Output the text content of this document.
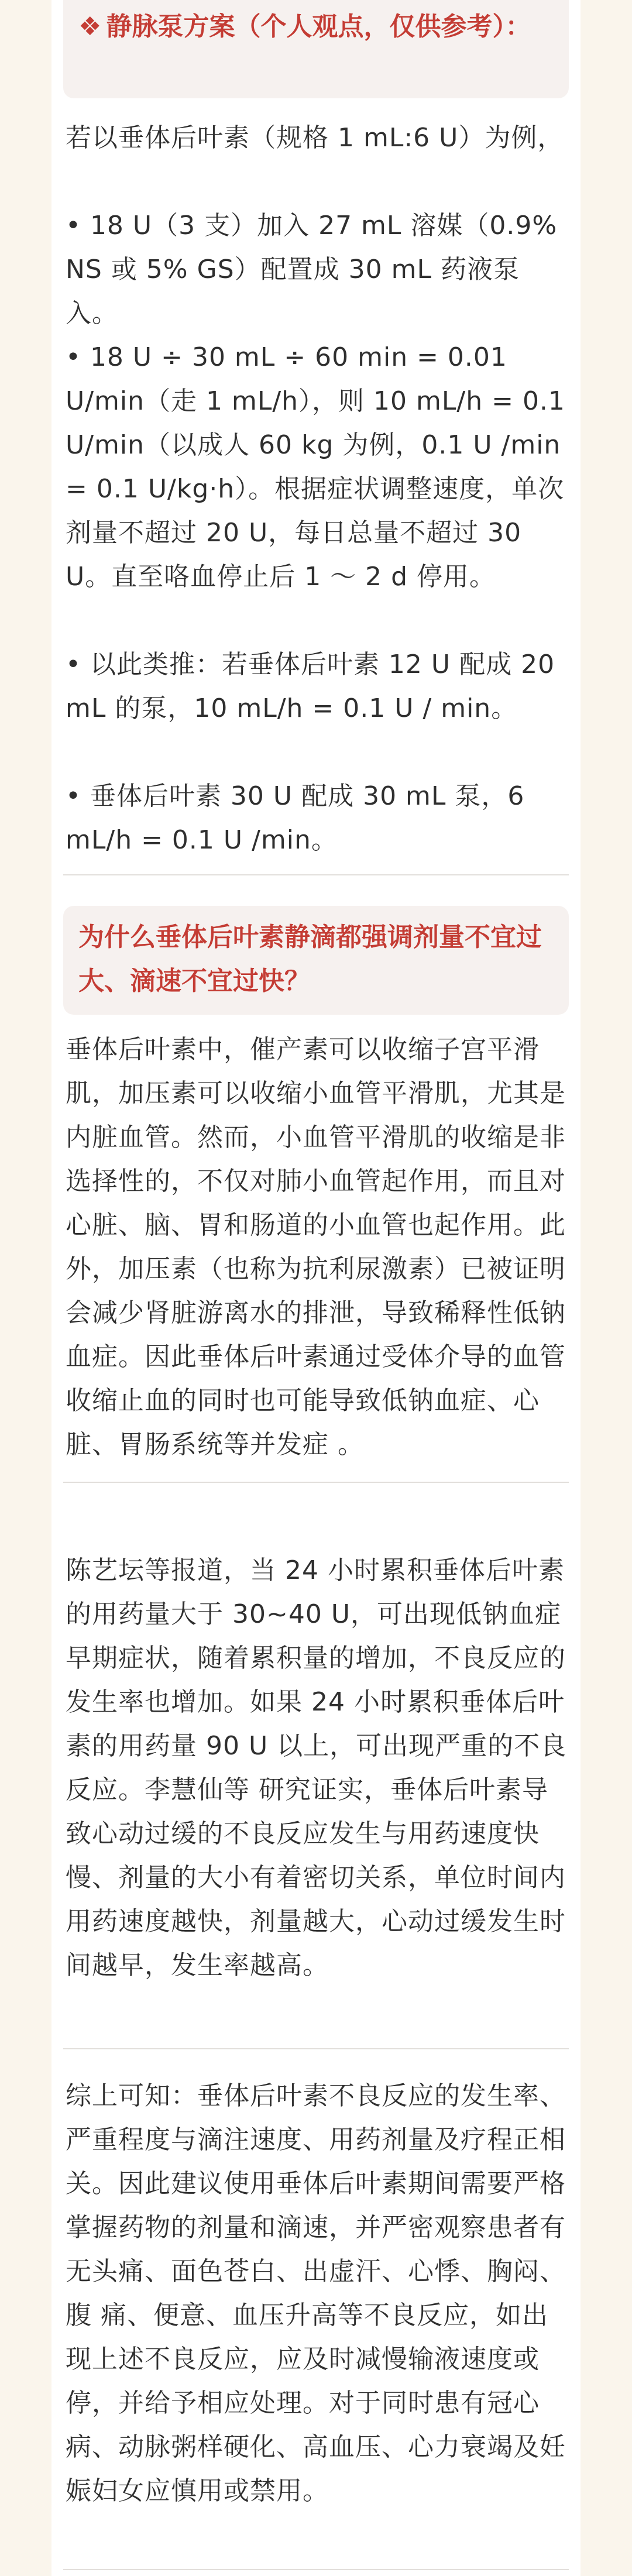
❖ 静脉泵方案（个人观点，仅供参考）：
若以垂体后叶素（规格 1 mL:6 U）为例，
• 18 U（3 支）加入 27 mL 溶媒（0.9% NS 或 5% GS）配置成 30 mL 药液泵入。
• 18 U ÷ 30 mL ÷ 60 min = 0.01 U/min（走 1 mL/h），则 10 mL/h = 0.1 U/min（以成人 60 kg 为例，0.1 U /min = 0.1 U/kg·h）。根据症状调整速度，单次剂量不超过 20 U，每日总量不超过 30 U。直至咯血停止后 1 ～ 2 d 停用。
• 以此类推：若垂体后叶素 12 U 配成 20 mL 的泵，10 mL/h = 0.1 U / min。
• 垂体后叶素 30 U 配成 30 mL 泵，6 mL/h = 0.1 U /min。
为什么垂体后叶素静滴都强调剂量不宜过大、滴速不宜过快？
垂体后叶素中，催产素可以收缩子宫平滑肌，加压素可以收缩小血管平滑肌，尤其是内脏血管。然而，小血管平滑肌的收缩是非选择性的，不仅对肺小血管起作用，而且对心脏、脑、胃和肠道的小血管也起作用。此外，加压素（也称为抗利尿激素）已被证明会减少肾脏游离水的排泄，导致稀释性低钠血症。因此垂体后叶素通过受体介导的血管收缩止血的同时也可能导致低钠血症、心脏、胃肠系统等并发症 。
陈艺坛等报道，当 24 小时累积垂体后叶素的用药量大于 30~40 U，可出现低钠血症早期症状，随着累积量的增加，不良反应的发生率也增加。如果 24 小时累积垂体后叶素的用药量 90 U 以上，可出现严重的不良反应。李慧仙等 研究证实，垂体后叶素导致心动过缓的不良反应发生与用药速度快慢、剂量的大小有着密切关系，单位时间内用药速度越快，剂量越大，心动过缓发生时间越早，发生率越高。
综上可知：垂体后叶素不良反应的发生率、严重程度与滴注速度、用药剂量及疗程正相关。因此建议使用垂体后叶素期间需要严格掌握药物的剂量和滴速，并严密观察患者有无头痛、面色苍白、出虚汗、心悸、胸闷、腹 痛、便意、血压升高等不良反应，如出现上述不良反应，应及时减慢输液速度或停，并给予相应处理。对于同时患有冠心病、动脉粥样硬化、高血压、心力衰竭及妊娠妇女应慎用或禁用。
